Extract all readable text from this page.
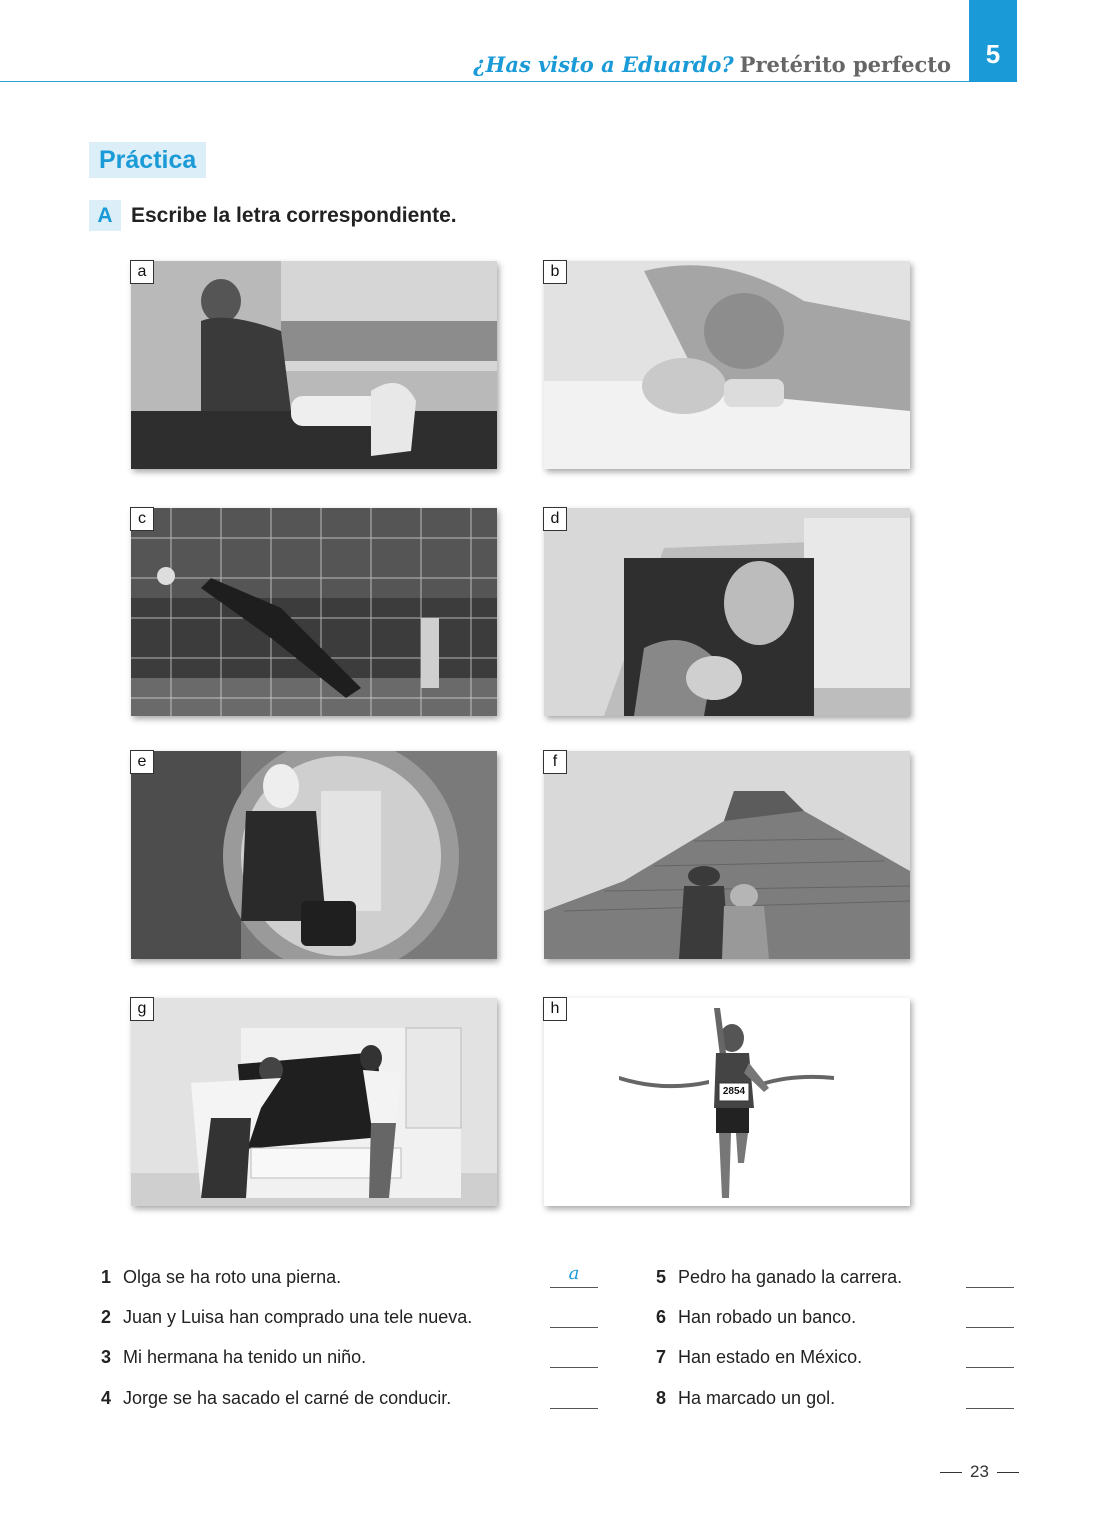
¿Has visto a Eduardo? Pretérito perfecto	5
Práctica
A Escribe la letra correspondiente.
a	b
c	d
e	f
g
2854
h
1 Olga se ha roto una pierna.	a
2 Juan y Luisa han comprado una tele nueva.
3 Mi hermana ha tenido un niño.
4 Jorge se ha sacado el carné de conducir.
5 Pedro ha ganado la carrera.
6 Han robado un banco.
7 Han estado en México.
8 Ha marcado un gol.
23
